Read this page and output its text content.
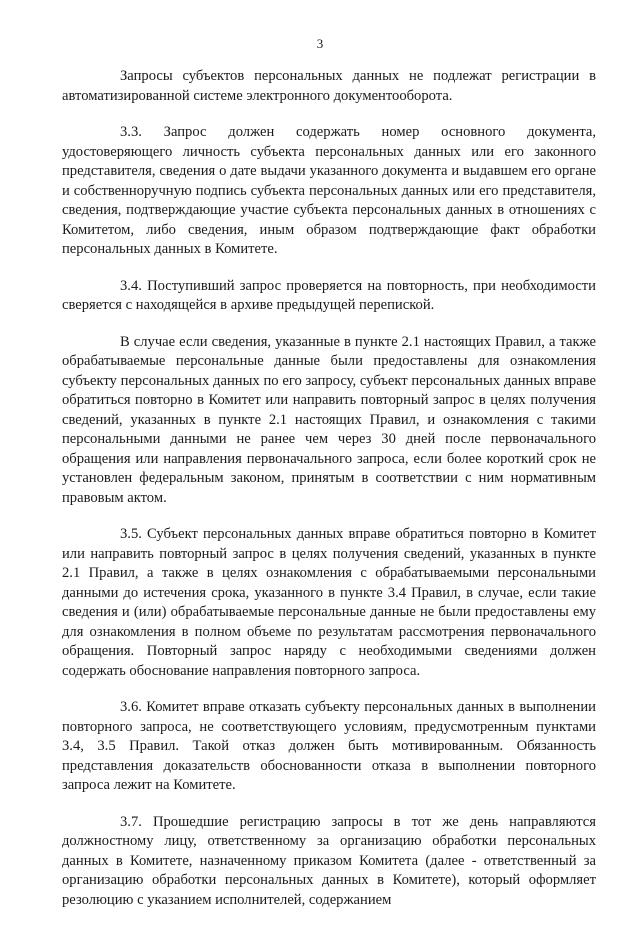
3

Запросы субъектов персональных данных не подлежат регистрации в автоматизированной системе электронного документооборота.

3.3. Запрос должен содержать номер основного документа, удостоверяющего личность субъекта персональных данных или его законного представителя, сведения о дате выдачи указанного документа и выдавшем его органе и собственноручную подпись субъекта персональных данных или его представителя, сведения, подтверждающие участие субъекта персональных данных в отношениях с Комитетом, либо сведения, иным образом подтверждающие факт обработки персональных данных в Комитете.

3.4. Поступивший запрос проверяется на повторность, при необходимости сверяется с находящейся в архиве предыдущей перепиской.

В случае если сведения, указанные в пункте 2.1 настоящих Правил, а также обрабатываемые персональные данные были предоставлены для ознакомления субъекту персональных данных по его запросу, субъект персональных данных вправе обратиться повторно в Комитет или направить повторный запрос в целях получения сведений, указанных в пункте 2.1 настоящих Правил, и ознакомления с такими персональными данными не ранее чем через 30 дней после первоначального обращения или направления первоначального запроса, если более короткий срок не установлен федеральным законом, принятым в соответствии с ним нормативным правовым актом.

3.5. Субъект персональных данных вправе обратиться повторно в Комитет или направить повторный запрос в целях получения сведений, указанных в пункте 2.1 Правил, а также в целях ознакомления с обрабатываемыми персональными данными до истечения срока, указанного в пункте 3.4 Правил, в случае, если такие сведения и (или) обрабатываемые персональные данные не были предоставлены ему для ознакомления в полном объеме по результатам рассмотрения первоначального обращения. Повторный запрос наряду с необходимыми сведениями должен содержать обоснование направления повторного запроса.

3.6. Комитет вправе отказать субъекту персональных данных в выполнении повторного запроса, не соответствующего условиям, предусмотренным пунктами 3.4, 3.5 Правил. Такой отказ должен быть мотивированным. Обязанность представления доказательств обоснованности отказа в выполнении повторного запроса лежит на Комитете.

3.7. Прошедшие регистрацию запросы в тот же день направляются должностному лицу, ответственному за организацию обработки персональных данных в Комитете, назначенному приказом Комитета (далее - ответственный за организацию обработки персональных данных в Комитете), который оформляет резолюцию с указанием исполнителей, содержанием
